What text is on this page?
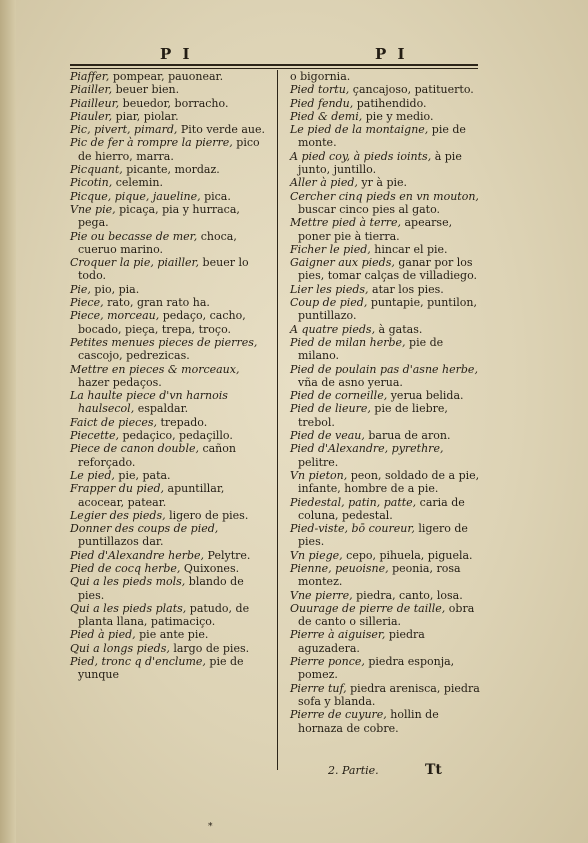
P I	P I

Piaffer, pompear, pauonear.

Piailler, beuer bien.

Piailleur, beuedor, borracho.

Piauler, piar, piolar.

Pic, pivert, pimard, Pito verde aue.

Pic de fer à rompre la pierre, pico de hierro, marra.

Picquant, picante, mordaz.

Picotin, celemin.

Picque, pique, jaueline, pica.

Vne pie, picaça, pia y hurraca, pega.

Pie ou becasse de mer, choca, cueruo marino.

Croquer la pie, piailler, beuer lo todo.

Pie, pio, pia.

Piece, rato, gran rato ha.

Piece, morceau, pedaço, cacho, bocado, pieça, trepa, troço.

Petites menues pieces de pierres, cascojo, pedrezicas.

Mettre en pieces & morceaux, hazer pedaços.

La haulte piece d'vn harnois haulsecol, espaldar.

Faict de pieces, trepado.

Piecette, pedaçico, pedaçillo.

Piece de canon double, cañon reforçado.

Le pied, pie, pata.

Frapper du pied, apuntillar, acocear, patear.

Legier des pieds, ligero de pies.

Donner des coups de pied, puntillazos dar.

Pied d'Alexandre herbe, Pelytre.

Pied de cocq herbe, Quixones.

Qui a les pieds mols, blando de pies.

Qui a les pieds plats, patudo, de planta llana, patimaciço.

Pied à pied, pie ante pie.

Qui a longs pieds, largo de pies.

Pied, tronc q d'enclume, pie de yunque

o bigornia.

Pied tortu, çancajoso, patituerto.

Pied fendu, patihendido.

Pied & demi, pie y medio.

Le pied de la montaigne, pie de monte.

A pied coy, à pieds ioints, à pie junto, juntillo.

Aller à pied, yr à pie.

Cercher cinq pieds en vn mouton, buscar cinco pies al gato.

Mettre pied à terre, apearse, poner pie à tierra.

Ficher le pied, hincar el pie.

Gaigner aux pieds, ganar por los pies, tomar calças de villadiego.

Lier les pieds, atar los pies.

Coup de pied, puntapie, puntilon, puntillazo.

A quatre pieds, à gatas.

Pied de milan herbe, pie de milano.

Pied de poulain pas d'asne herbe, vña de asno yerua.

Pied de corneille, yerua belida.

Pied de lieure, pie de liebre, trebol.

Pied de veau, barua de aron.

Pied d'Alexandre, pyrethre, pelitre.

Vn pieton, peon, soldado de a pie, infante, hombre de a pie.

Piedestal, patin, patte, caria de coluna, pedestal.

Pied-viste, bō coureur, ligero de pies.

Vn piege, cepo, pihuela, piguela.

Pienne, peuoisne, peonia, rosa montez.

Vne pierre, piedra, canto, losa.

Ouurage de pierre de taille, obra de canto o silleria.

Pierre à aiguiser, piedra aguzadera.

Pierre ponce, piedra esponja, pomez.

Pierre tuf, piedra arenisca, piedra sofa y blanda.

Pierre de cuyure, hollin de hornaza de cobre.

2. Partie.	Tt
*
